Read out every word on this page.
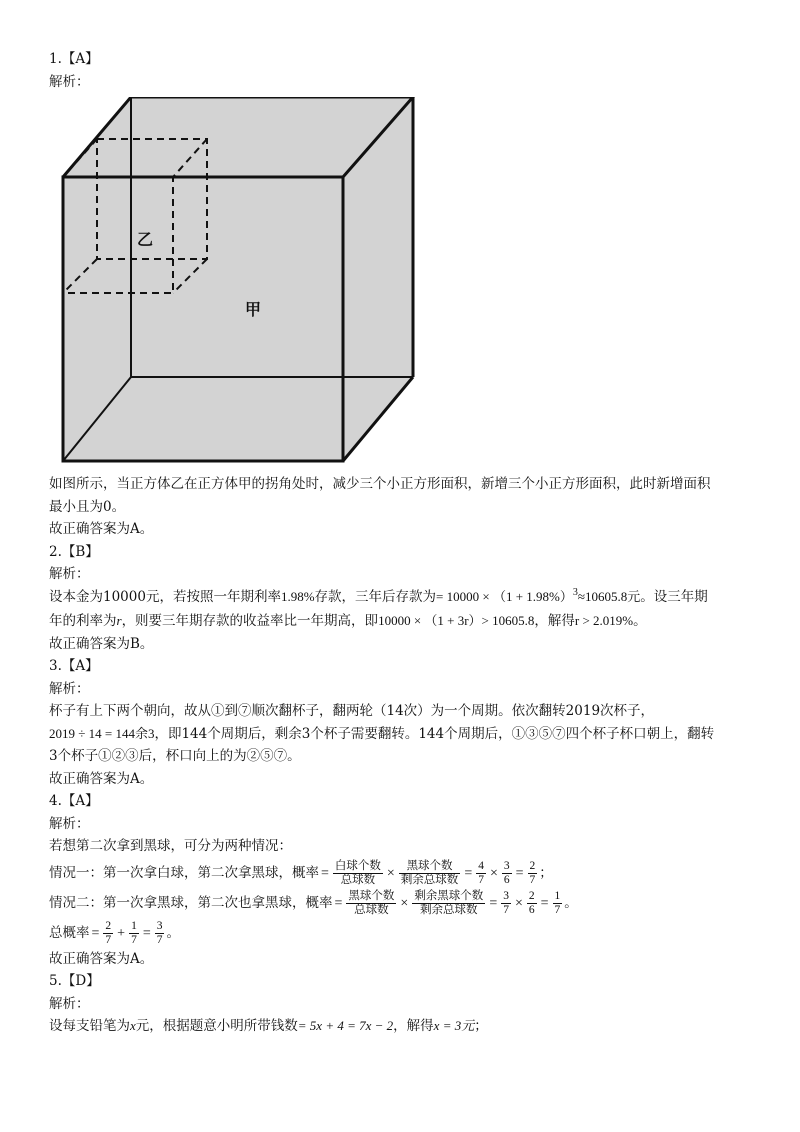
1.【A】
解析：
乙
甲
如图所示，当正方体乙在正方体甲的拐角处时，减少三个小正方形面积，新增三个小正方形面积，此时新增面积
最小且为0。
故正确答案为A。
2.【B】
解析：
设本金为10000元，若按照一年期利率1.98%存款，三年后存款为= $10000 \times (1 + 1.98\%)^3\approx 10605.8$元。设三年期
年的利率为r，则要三年期存款的收益率比一年期高，即10000 × （1 + 3r）> 10605.8，解得r > 2.019%。
故正确答案为B。
3.【A】
解析：
杯子有上下两个朝向，故从①到⑦顺次翻杯子，翻两轮（14次）为一个周期。依次翻转2019次杯子，
2019 ÷ 14 = 144余3，即144个周期后，剩余3个杯子需要翻转。144个周期后，①③⑤⑦四个杯子杯口朝上，翻转
3个杯子①②③后，杯口向上的为②⑤⑦。
故正确答案为A。
4.【A】
解析：
若想第二次拿到黑球，可分为两种情况：
情况一：第一次拿白球，第二次拿黑球，概率 = $\frac{\text{白球个数}}{\text{总球数}} \times \frac{\text{黑球个数}}{\text{剩余总球数}} = \frac{4}{7} \times \frac{3}{6} = \frac{2}{7}$ ；
情况二：第一次拿黑球，第二次也拿黑球，概率 = $\frac{\text{黑球个数}}{\text{总球数}} \times \frac{\text{剩余黑球个数}}{\text{剩余总球数}} = \frac{3}{7} \times \frac{2}{6} = \frac{1}{7}$ 。
总概率 = $\frac{2}{7} + \frac{1}{7} = \frac{3}{7}$ 。
故正确答案为A。
5.【D】
解析：
设每支铅笔为x元，根据题意小明所带钱数= 5x + 4 = 7x − 2，解得x = 3元；
